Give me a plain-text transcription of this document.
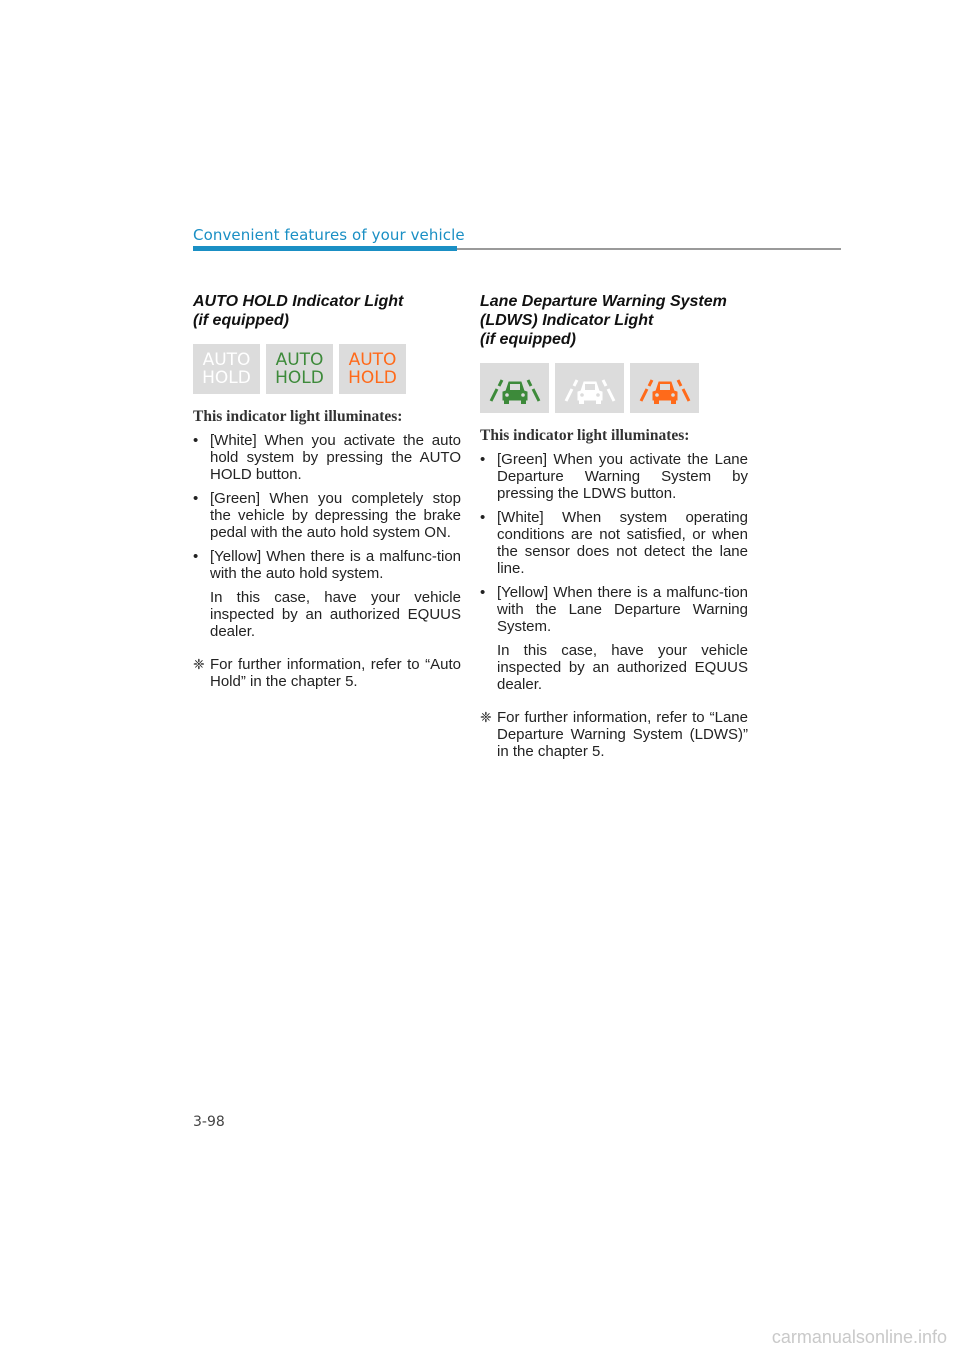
Convenient features of your vehicle
AUTO HOLD Indicator Light
(if equipped)
AUTO
HOLD
AUTO
HOLD
AUTO
HOLD
This indicator light illuminates:
• [White] When you activate the auto hold system by pressing the AUTO HOLD button.
• [Green] When you completely stop the vehicle by depressing the brake pedal with the auto hold system ON.
• [Yellow] When there is a malfunc-tion with the auto hold system.

In this case, have your vehicle inspected by an authorized EQUUS dealer.

❈ For further information, refer to “Auto Hold” in the chapter 5.
Lane Departure Warning System
(LDWS) Indicator Light
(if equipped)
This indicator light illuminates:
• [Green] When you activate the Lane Departure Warning System by pressing the LDWS button.
• [White] When system operating conditions are not satisfied, or when the sensor does not detect the lane line.
• [Yellow] When there is a malfunc-tion with the Lane Departure Warning System.

In this case, have your vehicle inspected by an authorized EQUUS dealer.

❈ For further information, refer to “Lane Departure Warning System (LDWS)” in the chapter 5.
3-98
carmanualsonline.info
